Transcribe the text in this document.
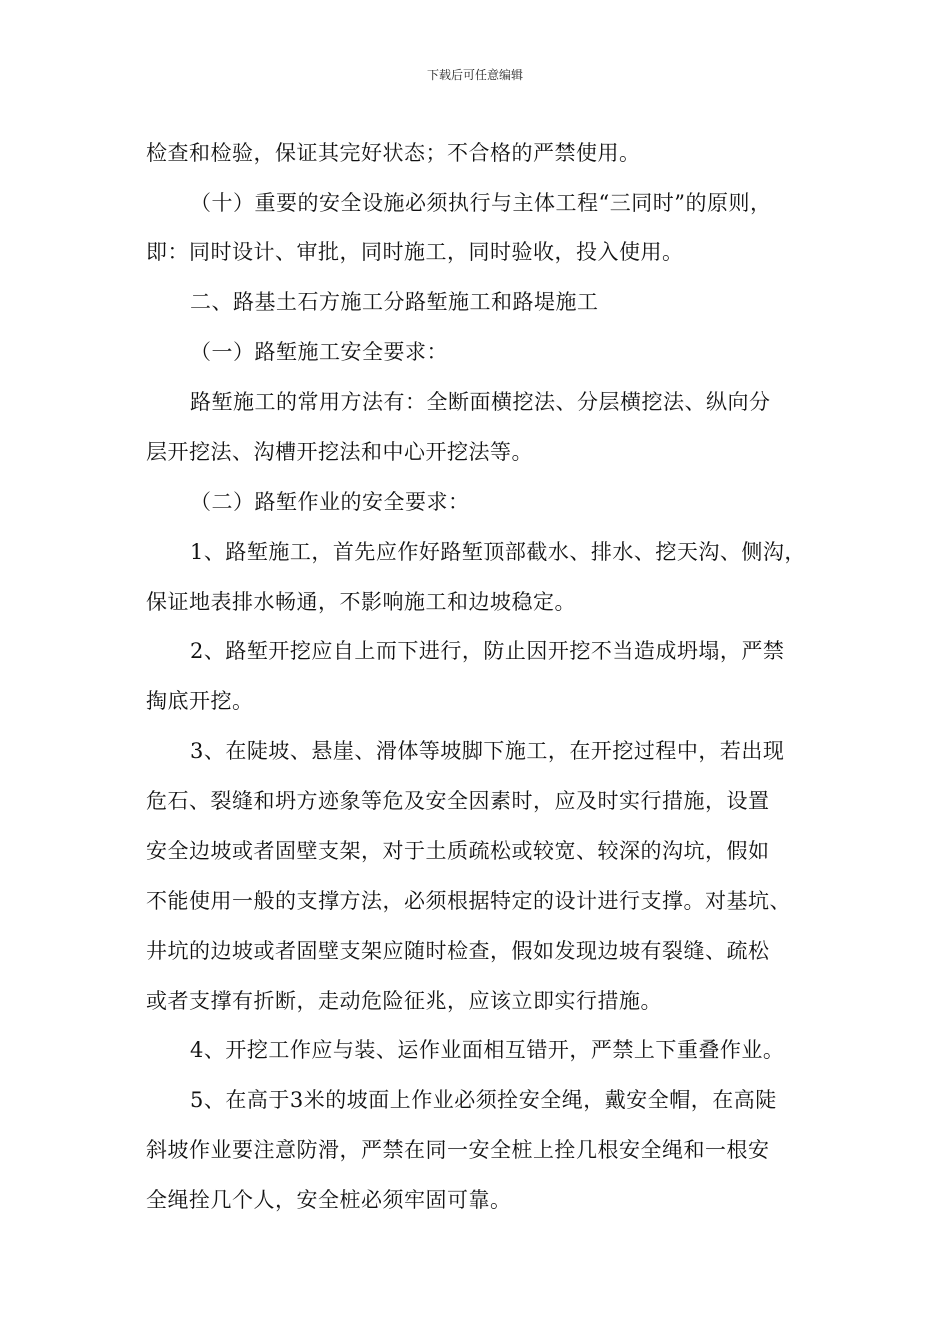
下载后可任意编辑
检查和检验，保证其完好状态；不合格的严禁使用。
（十）重要的安全设施必须执行与主体工程“三同时”的原则，
即：同时设计、审批，同时施工，同时验收，投入使用。
二、路基土石方施工分路堑施工和路堤施工
（一）路堑施工安全要求：
路堑施工的常用方法有：全断面横挖法、分层横挖法、纵向分
层开挖法、沟槽开挖法和中心开挖法等。
（二）路堑作业的安全要求：
1、路堑施工，首先应作好路堑顶部截水、排水、挖天沟、侧沟，
保证地表排水畅通，不影响施工和边坡稳定。
2、路堑开挖应自上而下进行，防止因开挖不当造成坍塌，严禁
掏底开挖。
3、在陡坡、悬崖、滑体等坡脚下施工，在开挖过程中，若出现
危石、裂缝和坍方迹象等危及安全因素时，应及时实行措施，设置
安全边坡或者固壁支架，对于土质疏松或较宽、较深的沟坑，假如
不能使用一般的支撑方法，必须根据特定的设计进行支撑。对基坑、
井坑的边坡或者固壁支架应随时检查，假如发现边坡有裂缝、疏松
或者支撑有折断，走动危险征兆，应该立即实行措施。
4、开挖工作应与装、运作业面相互错开，严禁上下重叠作业。
5、在高于3米的坡面上作业必须拴安全绳，戴安全帽，在高陡
斜坡作业要注意防滑，严禁在同一安全桩上拴几根安全绳和一根安
全绳拴几个人，安全桩必须牢固可靠。
